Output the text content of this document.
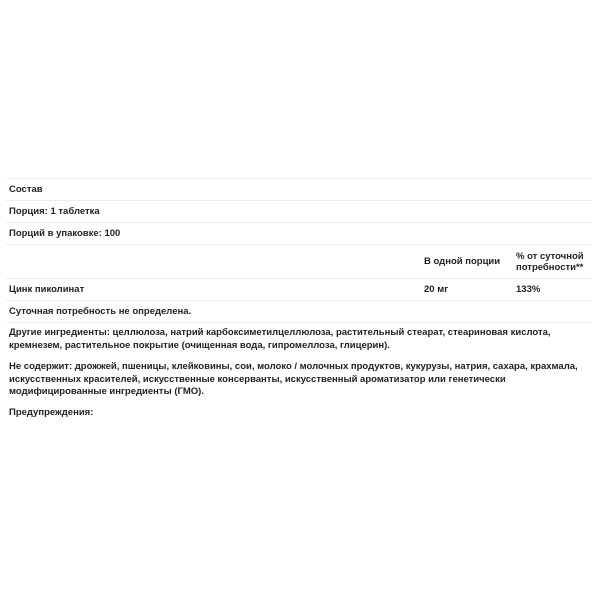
Состав		
Порция: 1 таблетка		
Порций в упаковке: 100		
	В одной порции	% от суточной
потребности**
Цинк пиколинат	20 мг	133%
Суточная потребность не определена.		

Другие ингредиенты: целлюлоза, натрий карбоксиметилцеллюлоза, растительный стеарат, стеариновая кислота, кремнезем, растительное покрытие (очищенная вода, гипромеллоза, глицерин).

Не содержит: дрожжей, пшеницы, клейковины, сои, молоко / молочных продуктов, кукурузы, натрия, сахара, крахмала, искусственных красителей, искусственные консерванты, искусственный ароматизатор или генетически модифицированные ингредиенты (ГМО).

Предупреждения:
